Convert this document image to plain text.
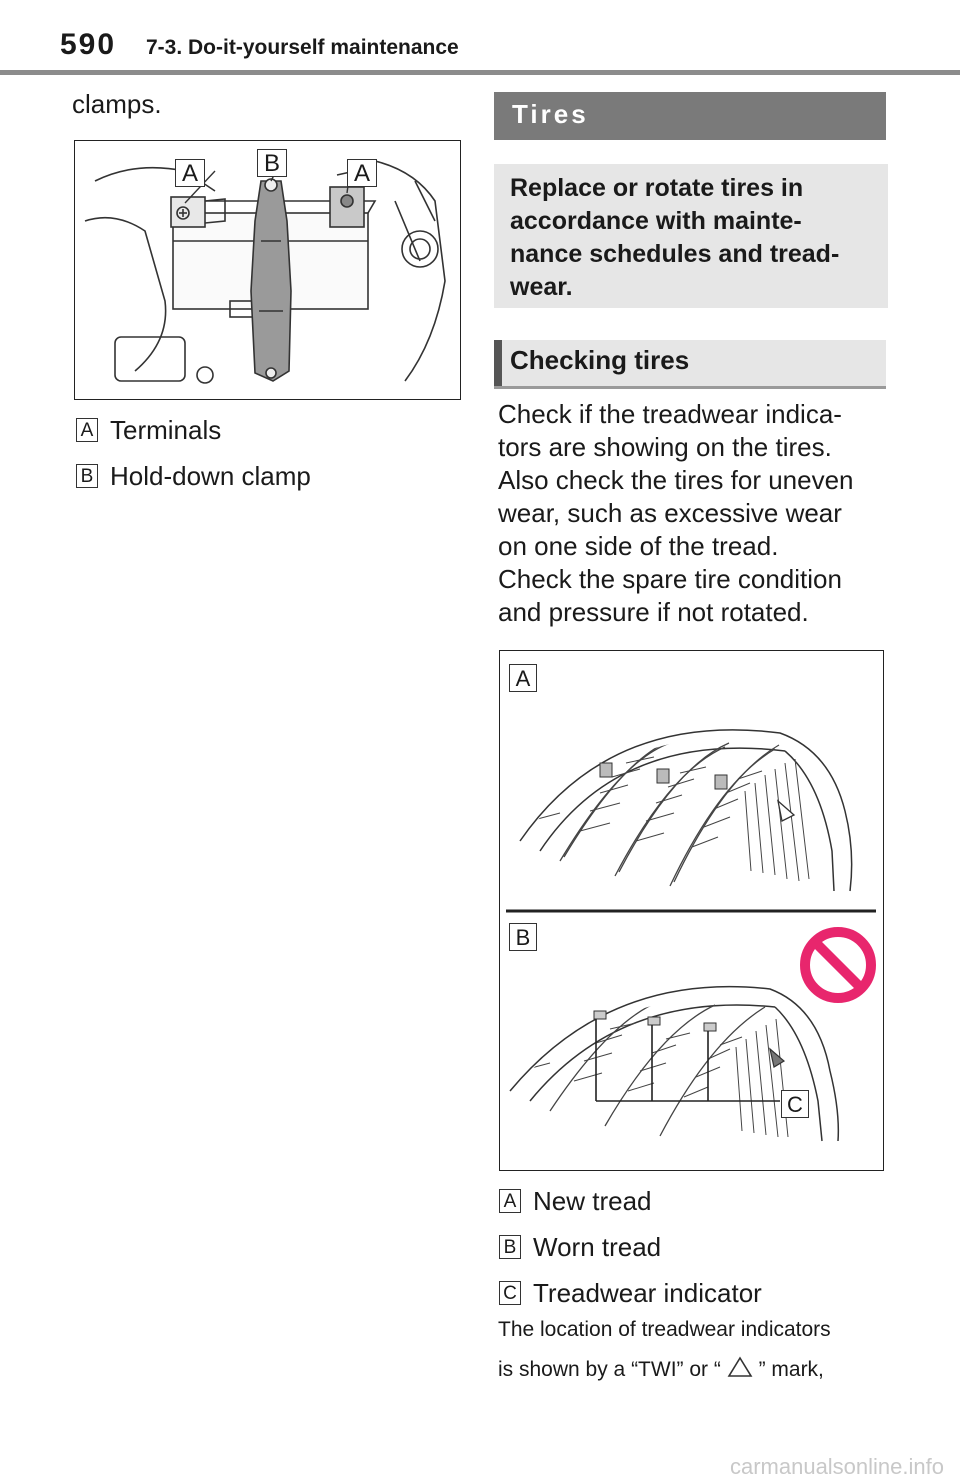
590 7-3. Do-it-yourself maintenance
clamps.
A	B	A
A Terminals
B Hold-down clamp
Tires
Replace or rotate tires in
accordance with mainte-
nance schedules and tread-
wear.
Checking tires
Check if the treadwear indica-
tors are showing on the tires.
Also check the tires for uneven
wear, such as excessive wear
on one side of the tread.
Check the spare tire condition
and pressure if not rotated.
A
B
C
A New tread
B Worn tread
C Treadwear indicator
The location of treadwear indicators
is shown by a “TWI” or “ ” mark,
carmanualsonline.info
